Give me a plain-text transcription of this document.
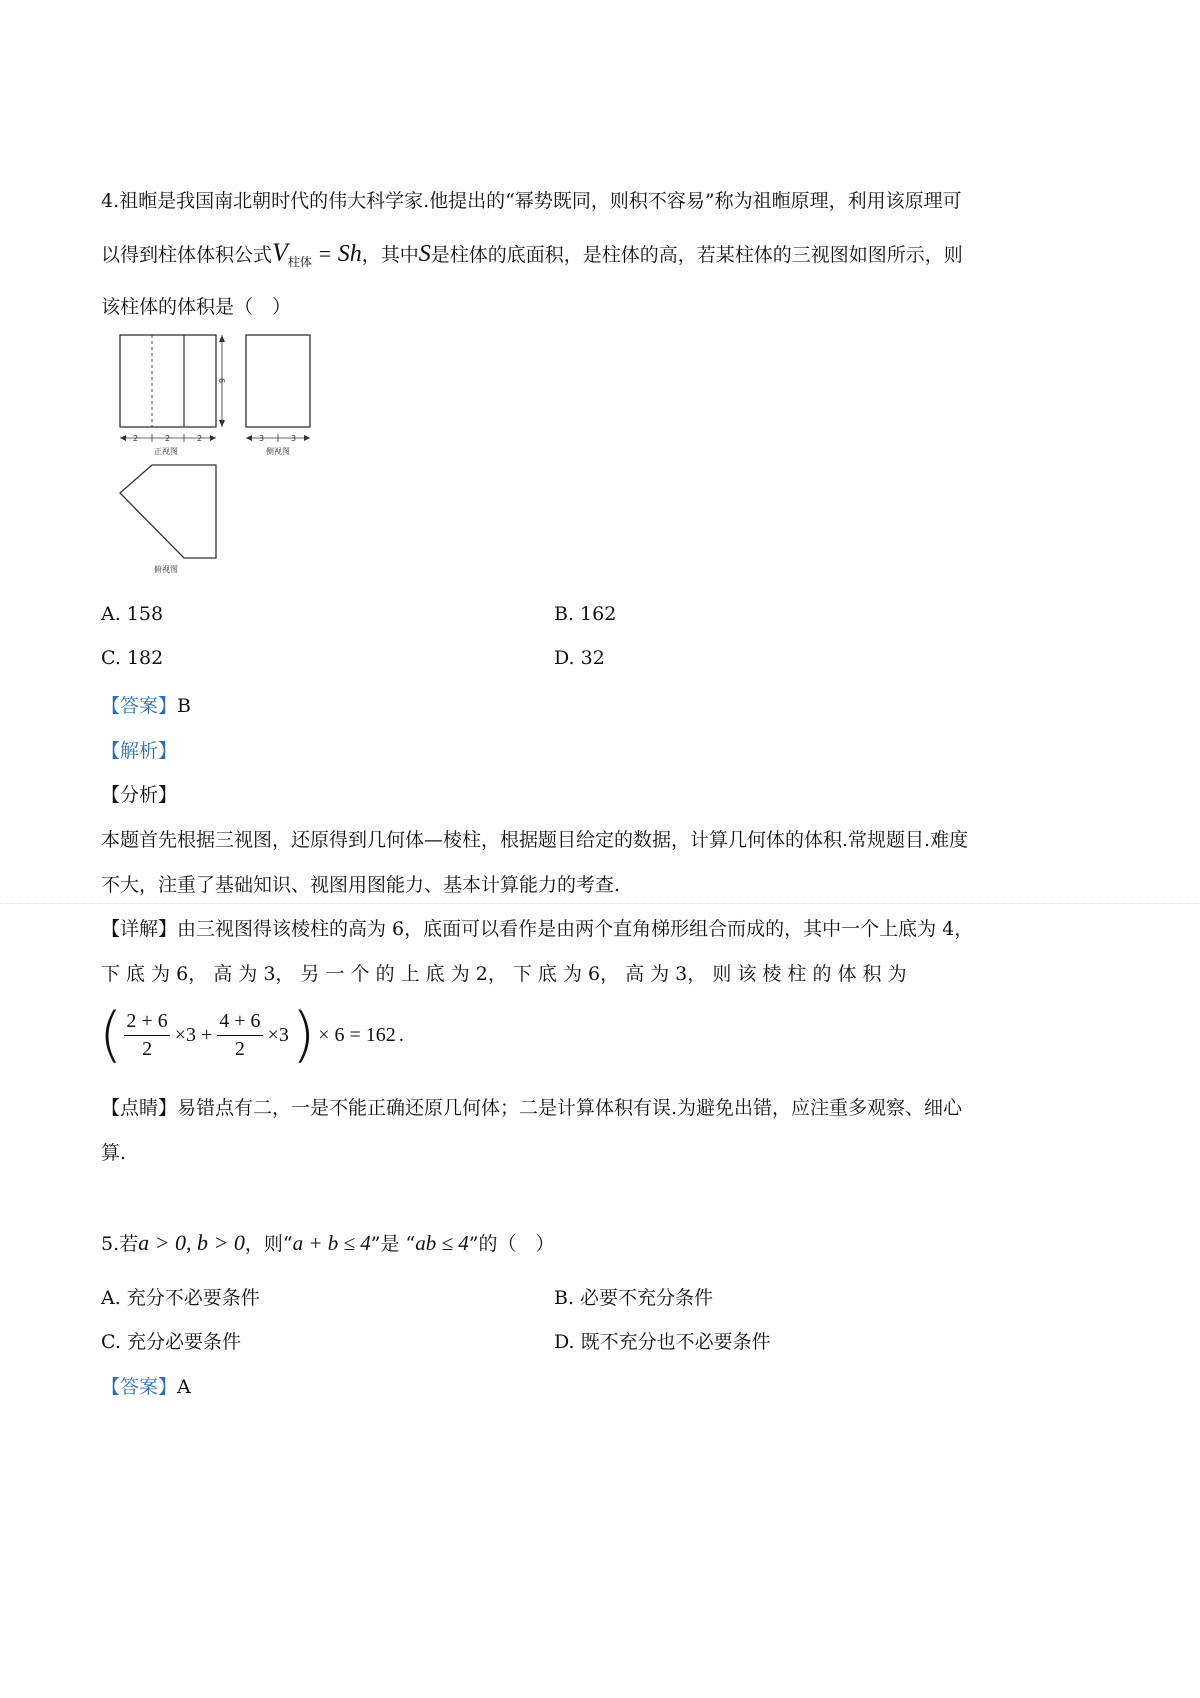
4.祖暅是我国南北朝时代的伟大科学家.他提出的“幂势既同，则积不容易”称为祖暅原理，利用该原理可
以得到柱体体积公式$V_{柱体} = Sh$，其中S是柱体的底面积，是柱体的高，若某柱体的三视图如图所示，则
该柱体的体积是（　）
6
2	2	2
正视图
3	3
侧视图
俯视图
A. 158	B. 162
C. 182	D. 32
【答案】B
【解析】
【分析】
本题首先根据三视图，还原得到几何体—棱柱，根据题目给定的数据，计算几何体的体积.常规题目.难度
不大，注重了基础知识、视图用图能力、基本计算能力的考查.
【详解】由三视图得该棱柱的高为 6，底面可以看作是由两个直角梯形组合而成的，其中一个上底为 4，
下 底 为 6， 高 为 3， 另 一 个 的 上 底 为 2， 下 底 为 6， 高 为 3， 则 该 棱 柱 的 体 积 为
( $\frac{2 + 6}{2} \times 3 + \frac{4 + 6}{2} \times 3$ ) × 6 = 162 .
【点睛】易错点有二，一是不能正确还原几何体；二是计算体积有误.为避免出错，应注重多观察、细心
算.
5.若a > 0, b > 0，则“a + b ≤ 4”是 “ab ≤ 4”的（　）
A. 充分不必要条件	B. 必要不充分条件
C. 充分必要条件	D. 既不充分也不必要条件
【答案】A
